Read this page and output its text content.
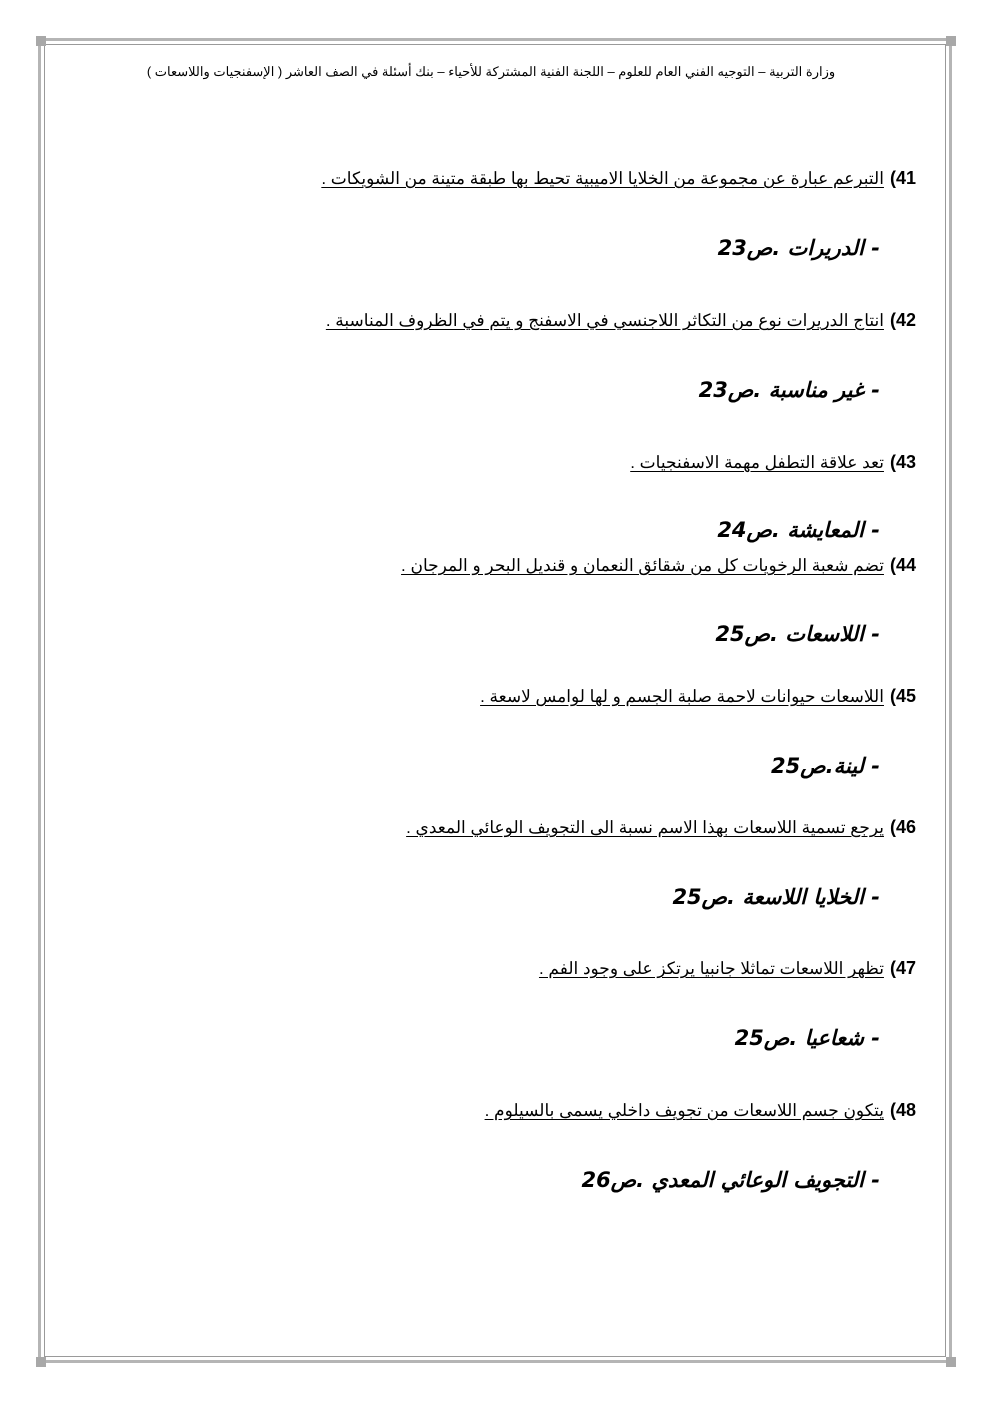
وزارة التربية – التوجيه الفني العام للعلوم – اللجنة الفنية المشتركة للأحياء – بنك أسئلة في الصف العاشر ( الإسفنجيات واللاسعات )
41)التبرعم عبارة عن مجموعة من الخلايا الاميبية تحيط بها طبقة متينة من الشويكات .
- الدريرات .ص23
42)انتاج الدريرات نوع من التكاثر اللاجنسي في الاسفنج و يتم في الظروف المناسبة .
- غير مناسبة .ص23
43)تعد علاقة التطفل مهمة الاسفنجيات .
- المعايشة .ص24
44)تضم شعبة الرخويات كل من شقائق النعمان و قنديل البحر و المرجان .
- اللاسعات .ص25
45)اللاسعات حيوانات لاحمة صلبة الجسم و لها لوامس لاسعة .
- لينة.ص25
46)يرجع تسمية اللاسعات بهذا الاسم نسبة الى التجويف الوعائي المعدي .
- الخلايا اللاسعة .ص25
47)تظهر اللاسعات تماثلا جانبيا يرتكز على وجود الفم .
- شعاعيا .ص25
48)يتكون جسم اللاسعات من تجويف داخلي يسمى بالسيلوم .
- التجويف الوعائي المعدي .ص26
